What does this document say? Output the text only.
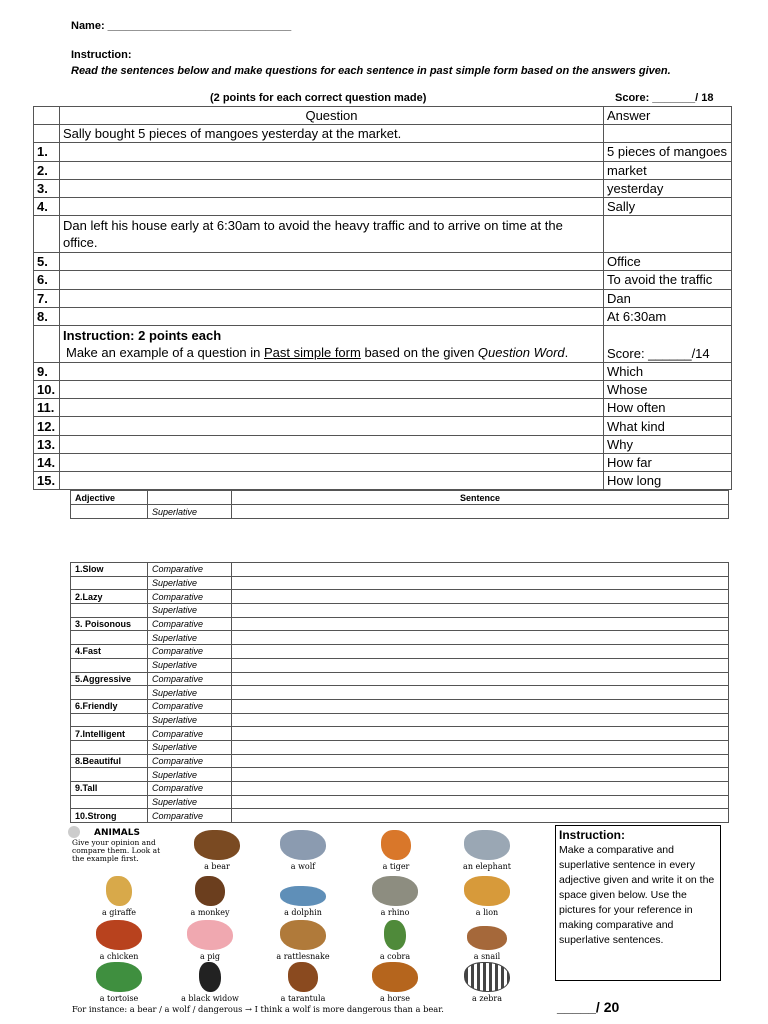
Name: ______________________________
Instruction:
Read the sentences below and make questions for each sentence in past simple form based on the answers given.
(2 points for each correct question made)	Score: _______/ 18
	Question	Answer
	Sally bought 5 pieces of mangoes yesterday at the market.	
1.		5 pieces of mangoes
2.		market
3.		yesterday
4.		Sally
	Dan left his house early at 6:30am to avoid the heavy traffic and to arrive on time at the office.	
5.		Office
6.		To avoid the traffic
7.		Dan
8.		At 6:30am

	Instruction: 2 points each
Make an example of a question in Past simple form based on the given Question Word.	Score: ______/14
9.		Which
10.		Whose
11.		How often
12.		What kind
13.		Why
14.		How far
15.		How long
Adjective		Sentence
	Superlative	
1.Slow	Comparative	
	Superlative	
2.Lazy	Comparative	
	Superlative	
3. Poisonous	Comparative	
	Superlative	
4.Fast	Comparative	
	Superlative	
5.Aggressive	Comparative	
	Superlative	
6.Friendly	Comparative	
	Superlative	
7.Intelligent	Comparative	
	Superlative	
8.Beautiful	Comparative	
	Superlative	
9.Tall	Comparative	
	Superlative	
10.Strong	Comparative	
ANIMALS
Give your opinion and compare them. Look at the example first.
a bear	a wolf	a tiger	an elephant
a giraffe	a monkey	a dolphin	a rhino	a lion
a chicken	a pig	a rattlesnake	a cobra	a snail
a tortoise	a black widow	a tarantula	a horse	a zebra
For instance: a bear / a wolf / dangerous → I think a wolf is more dangerous than a bear.
Instruction:
Make a comparative and superlative sentence in every adjective given and write it on the space given below. Use the pictures for your reference in making comparative and superlative sentences.
_____/ 20
